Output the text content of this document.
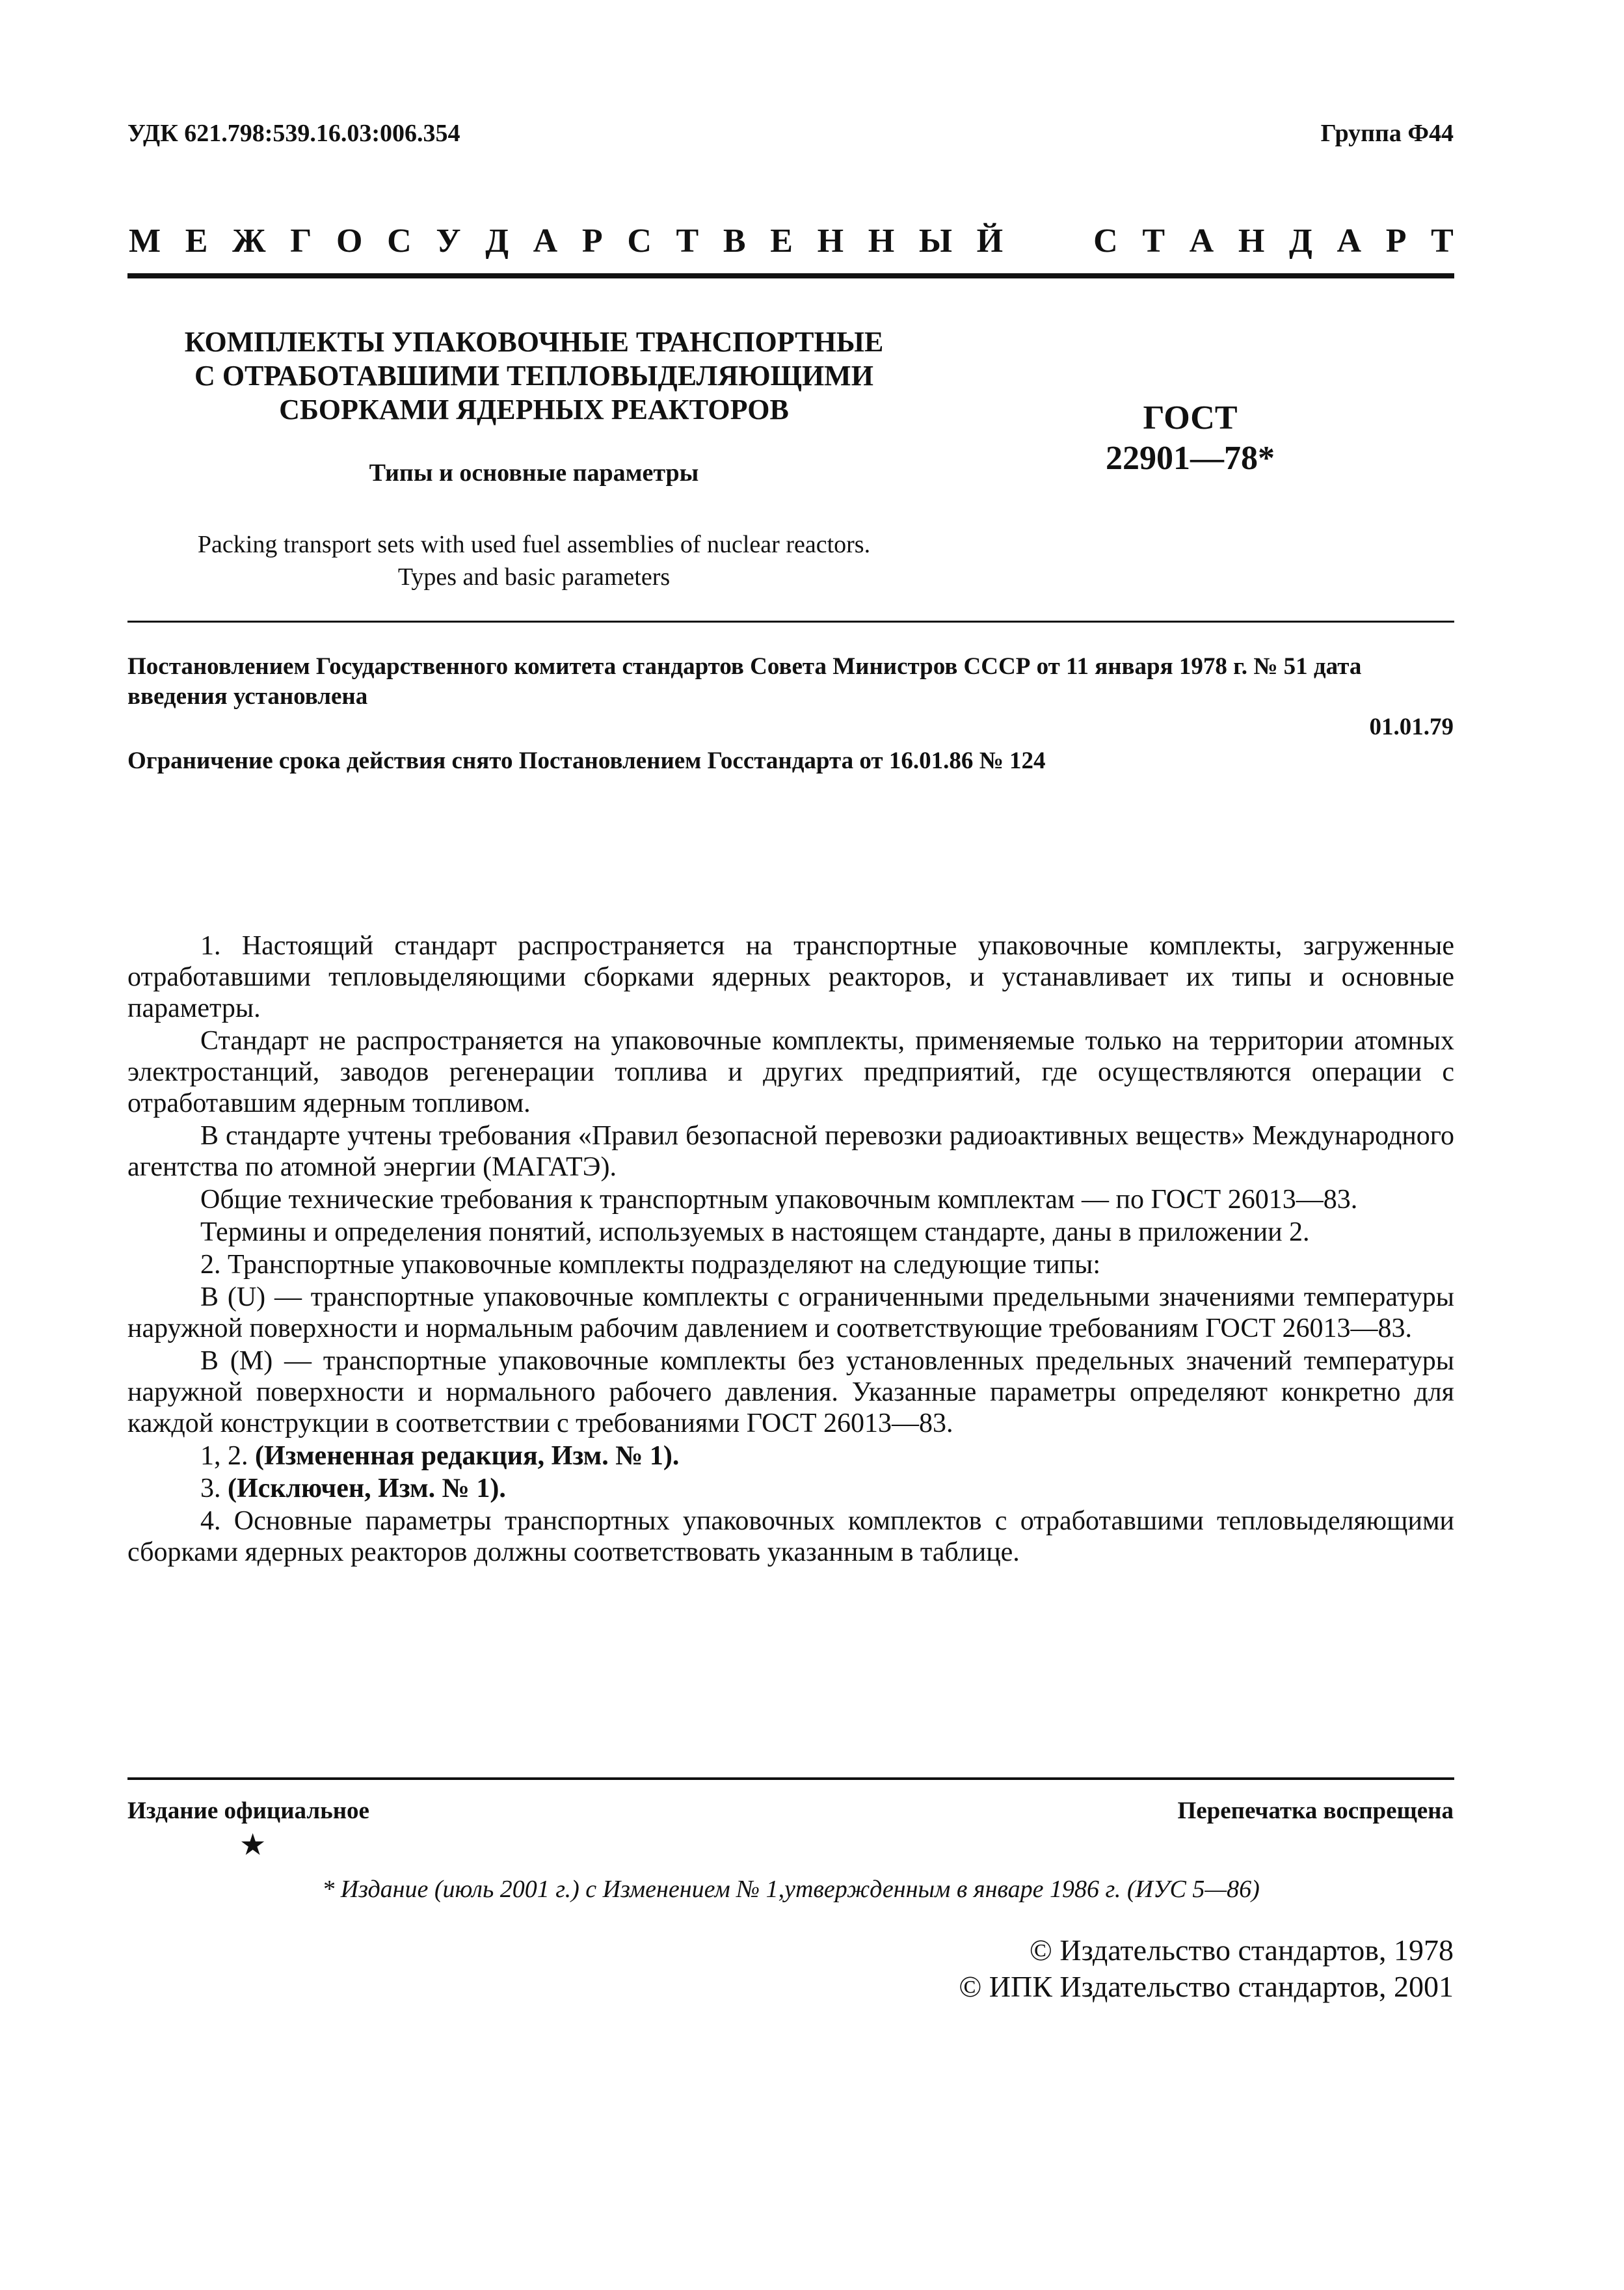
УДК 621.798:539.16.03:006.354	Группа Ф44
М Е Ж Г О С У Д А Р С Т В Е Н Н Ы Й

	С Т А Н Д А Р Т
КОМПЛЕКТЫ УПАКОВОЧНЫЕ ТРАНСПОРТНЫЕ
С ОТРАБОТАВШИМИ ТЕПЛОВЫДЕЛЯЮЩИМИ
СБОРКАМИ ЯДЕРНЫХ РЕАКТОРОВ
Типы и основные параметры
ГОСТ
22901—78*
Packing transport sets with used fuel assemblies of nuclear reactors.
Types and basic parameters
Постановлением Государственного комитета стандартов Совета Министров СССР от 11 января 1978 г. № 51 дата введения установлена
01.01.79
Ограничение срока действия снято Постановлением Госстандарта от 16.01.86 № 124

1. Настоящий стандарт распространяется на транспортные упаковочные комплекты, загруженные отработавшими тепловыделяющими сборками ядерных реакторов, и устанавливает их типы и основные параметры.

Стандарт не распространяется на упаковочные комплекты, применяемые только на территории атомных электростанций, заводов регенерации топлива и других предприятий, где осуществляются операции с отработавшим ядерным топливом.

В стандарте учтены требования «Правил безопасной перевозки радиоактивных веществ» Международного агентства по атомной энергии (МАГАТЭ).

Общие технические требования к транспортным упаковочным комплектам — по ГОСТ 26013—83.

Термины и определения понятий, используемых в настоящем стандарте, даны в приложении 2.

2. Транспортные упаковочные комплекты подразделяют на следующие типы:

В (U) — транспортные упаковочные комплекты с ограниченными предельными значениями температуры наружной поверхности и нормальным рабочим давлением и соответствующие требованиям ГОСТ 26013—83.

В (М) — транспортные упаковочные комплекты без установленных предельных значений температуры наружной поверхности и нормального рабочего давления. Указанные параметры определяют конкретно для каждой конструкции в соответствии с требованиями ГОСТ 26013—83.

1, 2. (Измененная редакция, Изм. № 1).

3. (Исключен, Изм. № 1).

4. Основные параметры транспортных упаковочных комплектов с отработавшими тепловыделяющими сборками ядерных реакторов должны соответствовать указанным в таблице.

Издание официальное	Перепечатка воспрещена
★
* Издание (июль 2001 г.) с Изменением № 1,утвержденным в январе 1986 г. (ИУС 5—86)
© Издательство стандартов, 1978
© ИПК Издательство стандартов, 2001
